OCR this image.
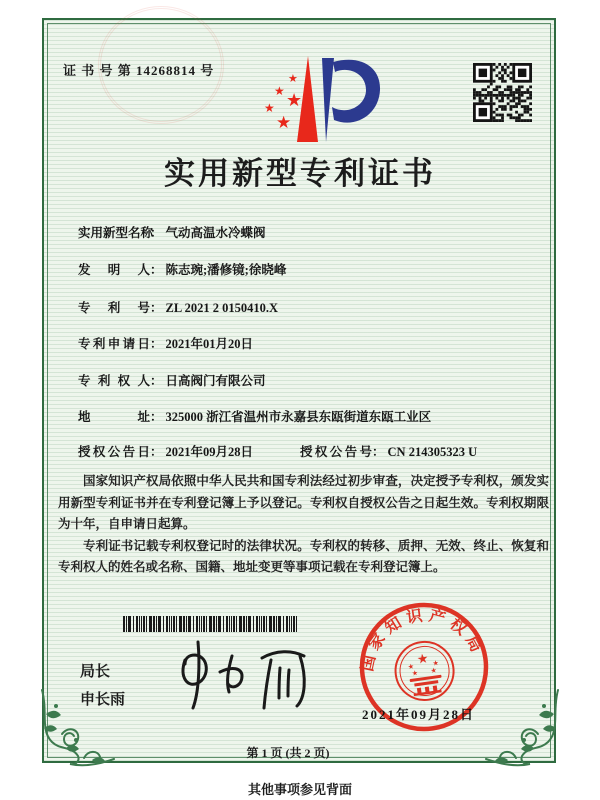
证 书 号 第 14268814 号
★
★ ★
★
★
实用新型专利证书
实用新型名称： 气动高温水冷蝶阀
发明人： 陈志琬;潘修镜;徐晓峰
专利号： ZL 2021 2 0150410.X
专利申请日： 2021年01月20日
专利权人： 日高阀门有限公司
地址： 325000 浙江省温州市永嘉县东瓯街道东瓯工业区
授权公告日： 2021年09月28日	授权公告号： CN 214305323 U

国家知识产权局依照中华人民共和国专利法经过初步审查，决定授予专利权，颁发实用新型专利证书并在专利登记簿上予以登记。专利权自授权公告之日起生效。专利权期限为十年，自申请日起算。

专利证书记载专利权登记时的法律状况。专利权的转移、质押、无效、终止、恢复和专利权人的姓名或名称、国籍、地址变更等事项记载在专利登记簿上。

局长
申长雨
国家知识产权局
★
★ ★
★ ★
2021年09月28日
第 1 页 (共 2 页)
其他事项参见背面
